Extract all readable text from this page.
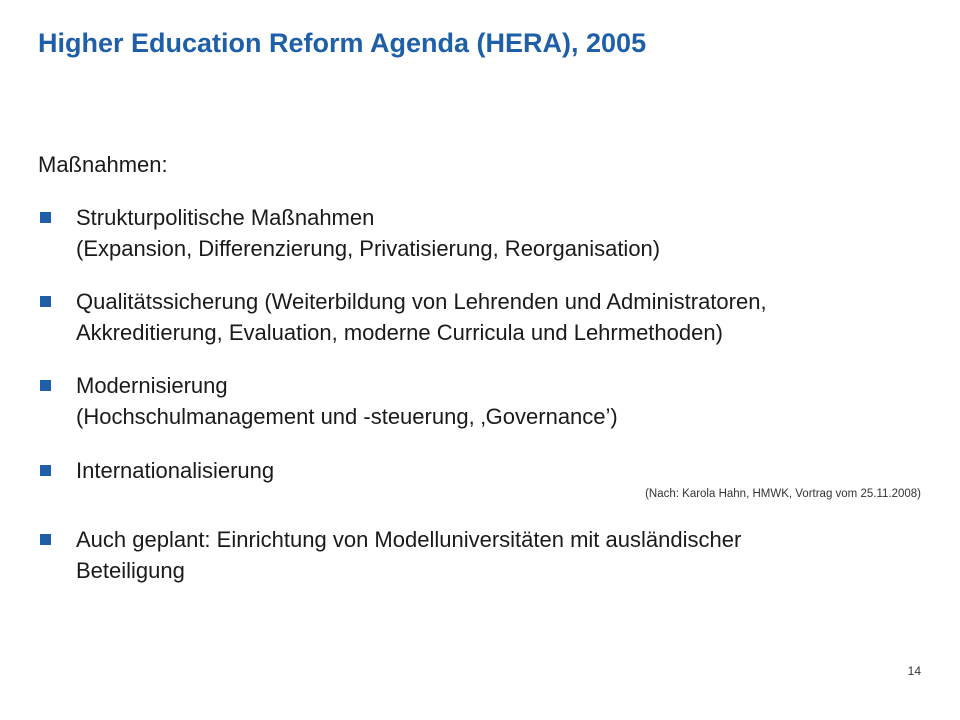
Higher Education Reform Agenda (HERA), 2005
Maßnahmen:
Strukturpolitische Maßnahmen
(Expansion, Differenzierung, Privatisierung, Reorganisation)
Qualitätssicherung (Weiterbildung von Lehrenden und Administratoren,
Akkreditierung, Evaluation, moderne Curricula und Lehrmethoden)
Modernisierung
(Hochschulmanagement und -steuerung, ‚Governance’)
Internationalisierung
Auch geplant: Einrichtung von Modelluniversitäten mit ausländischer
Beteiligung
(Nach: Karola Hahn, HMWK, Vortrag vom 25.11.2008)
14
